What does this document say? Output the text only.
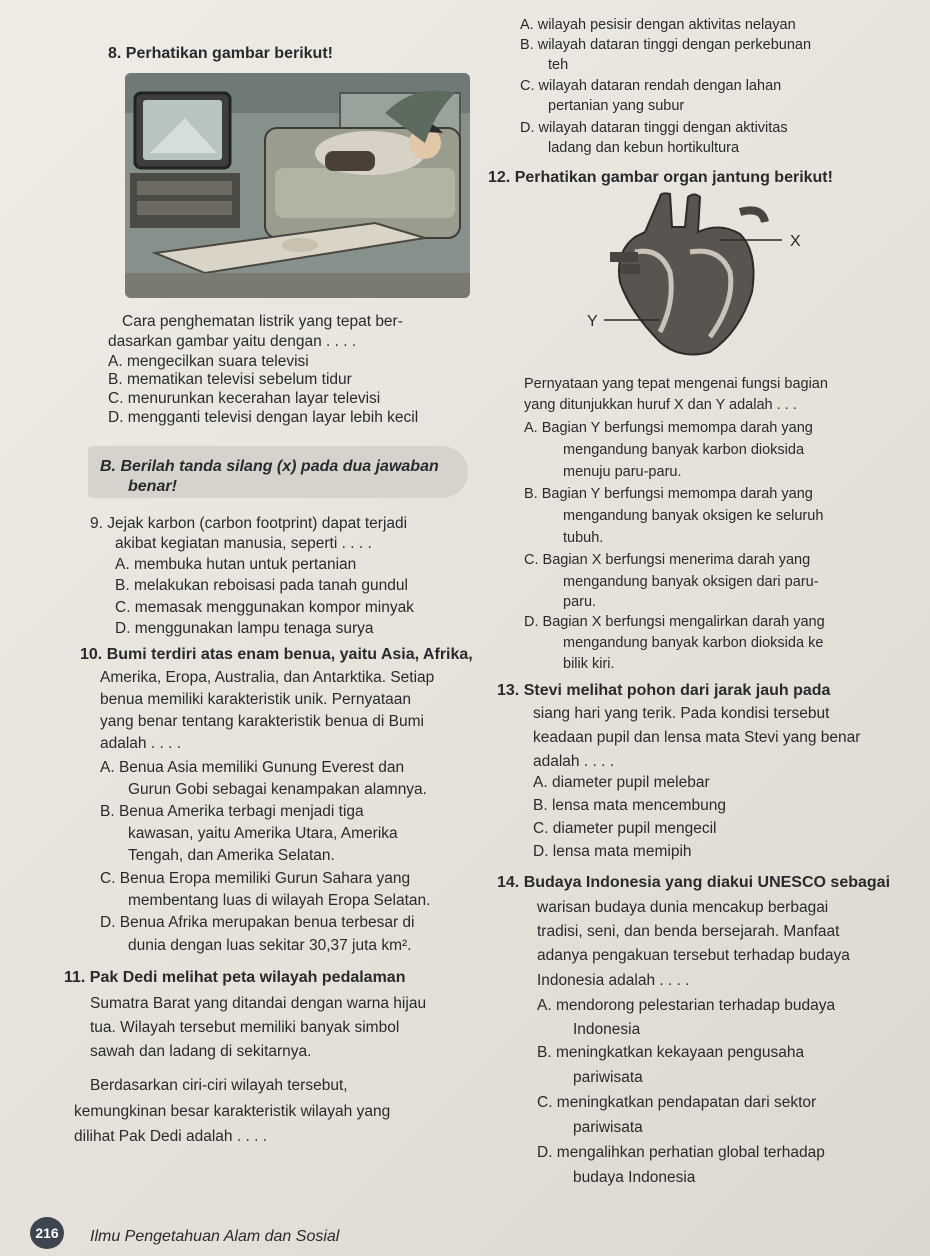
8. Perhatikan gambar berikut!
Cara penghematan listrik yang tepat ber-
dasarkan gambar yaitu dengan . . . .
A. mengecilkan suara televisi
B. mematikan televisi sebelum tidur
C. menurunkan kecerahan layar televisi
D. mengganti televisi dengan layar lebih kecil
B. Berilah tanda silang (x) pada dua jawaban
benar!
9. Jejak karbon (carbon footprint) dapat terjadi
akibat kegiatan manusia, seperti . . . .
A. membuka hutan untuk pertanian
B. melakukan reboisasi pada tanah gundul
C. memasak menggunakan kompor minyak
D. menggunakan lampu tenaga surya
10. Bumi terdiri atas enam benua, yaitu Asia, Afrika,
Amerika, Eropa, Australia, dan Antarktika. Setiap
benua memiliki karakteristik unik. Pernyataan
yang benar tentang karakteristik benua di Bumi
adalah . . . .
A. Benua Asia memiliki Gunung Everest dan
Gurun Gobi sebagai kenampakan alamnya.
B. Benua Amerika terbagi menjadi tiga
kawasan, yaitu Amerika Utara, Amerika
Tengah, dan Amerika Selatan.
C. Benua Eropa memiliki Gurun Sahara yang
membentang luas di wilayah Eropa Selatan.
D. Benua Afrika merupakan benua terbesar di
dunia dengan luas sekitar 30,37 juta km².
11. Pak Dedi melihat peta wilayah pedalaman
Sumatra Barat yang ditandai dengan warna hijau
tua. Wilayah tersebut memiliki banyak simbol
sawah dan ladang di sekitarnya.
Berdasarkan ciri-ciri wilayah tersebut,
kemungkinan besar karakteristik wilayah yang
dilihat Pak Dedi adalah . . . .
A. wilayah pesisir dengan aktivitas nelayan
B. wilayah dataran tinggi dengan perkebunan
teh
C. wilayah dataran rendah dengan lahan
pertanian yang subur
D. wilayah dataran tinggi dengan aktivitas
ladang dan kebun hortikultura
12. Perhatikan gambar organ jantung berikut!
X
Y
Pernyataan yang tepat mengenai fungsi bagian
yang ditunjukkan huruf X dan Y adalah . . .
A. Bagian Y berfungsi memompa darah yang
mengandung banyak karbon dioksida
menuju paru-paru.
B. Bagian Y berfungsi memompa darah yang
mengandung banyak oksigen ke seluruh
tubuh.
C. Bagian X berfungsi menerima darah yang
mengandung banyak oksigen dari paru-
paru.
D. Bagian X berfungsi mengalirkan darah yang
mengandung banyak karbon dioksida ke
bilik kiri.
13. Stevi melihat pohon dari jarak jauh pada
siang hari yang terik. Pada kondisi tersebut
keadaan pupil dan lensa mata Stevi yang benar
adalah . . . .
A. diameter pupil melebar
B. lensa mata mencembung
C. diameter pupil mengecil
D. lensa mata memipih
14. Budaya Indonesia yang diakui UNESCO sebagai
warisan budaya dunia mencakup berbagai
tradisi, seni, dan benda bersejarah. Manfaat
adanya pengakuan tersebut terhadap budaya
Indonesia adalah . . . .
A. mendorong pelestarian terhadap budaya
Indonesia
B. meningkatkan kekayaan pengusaha
pariwisata
C. meningkatkan pendapatan dari sektor
pariwisata
D. mengalihkan perhatian global terhadap
budaya Indonesia
216	Ilmu Pengetahuan Alam dan Sosial
